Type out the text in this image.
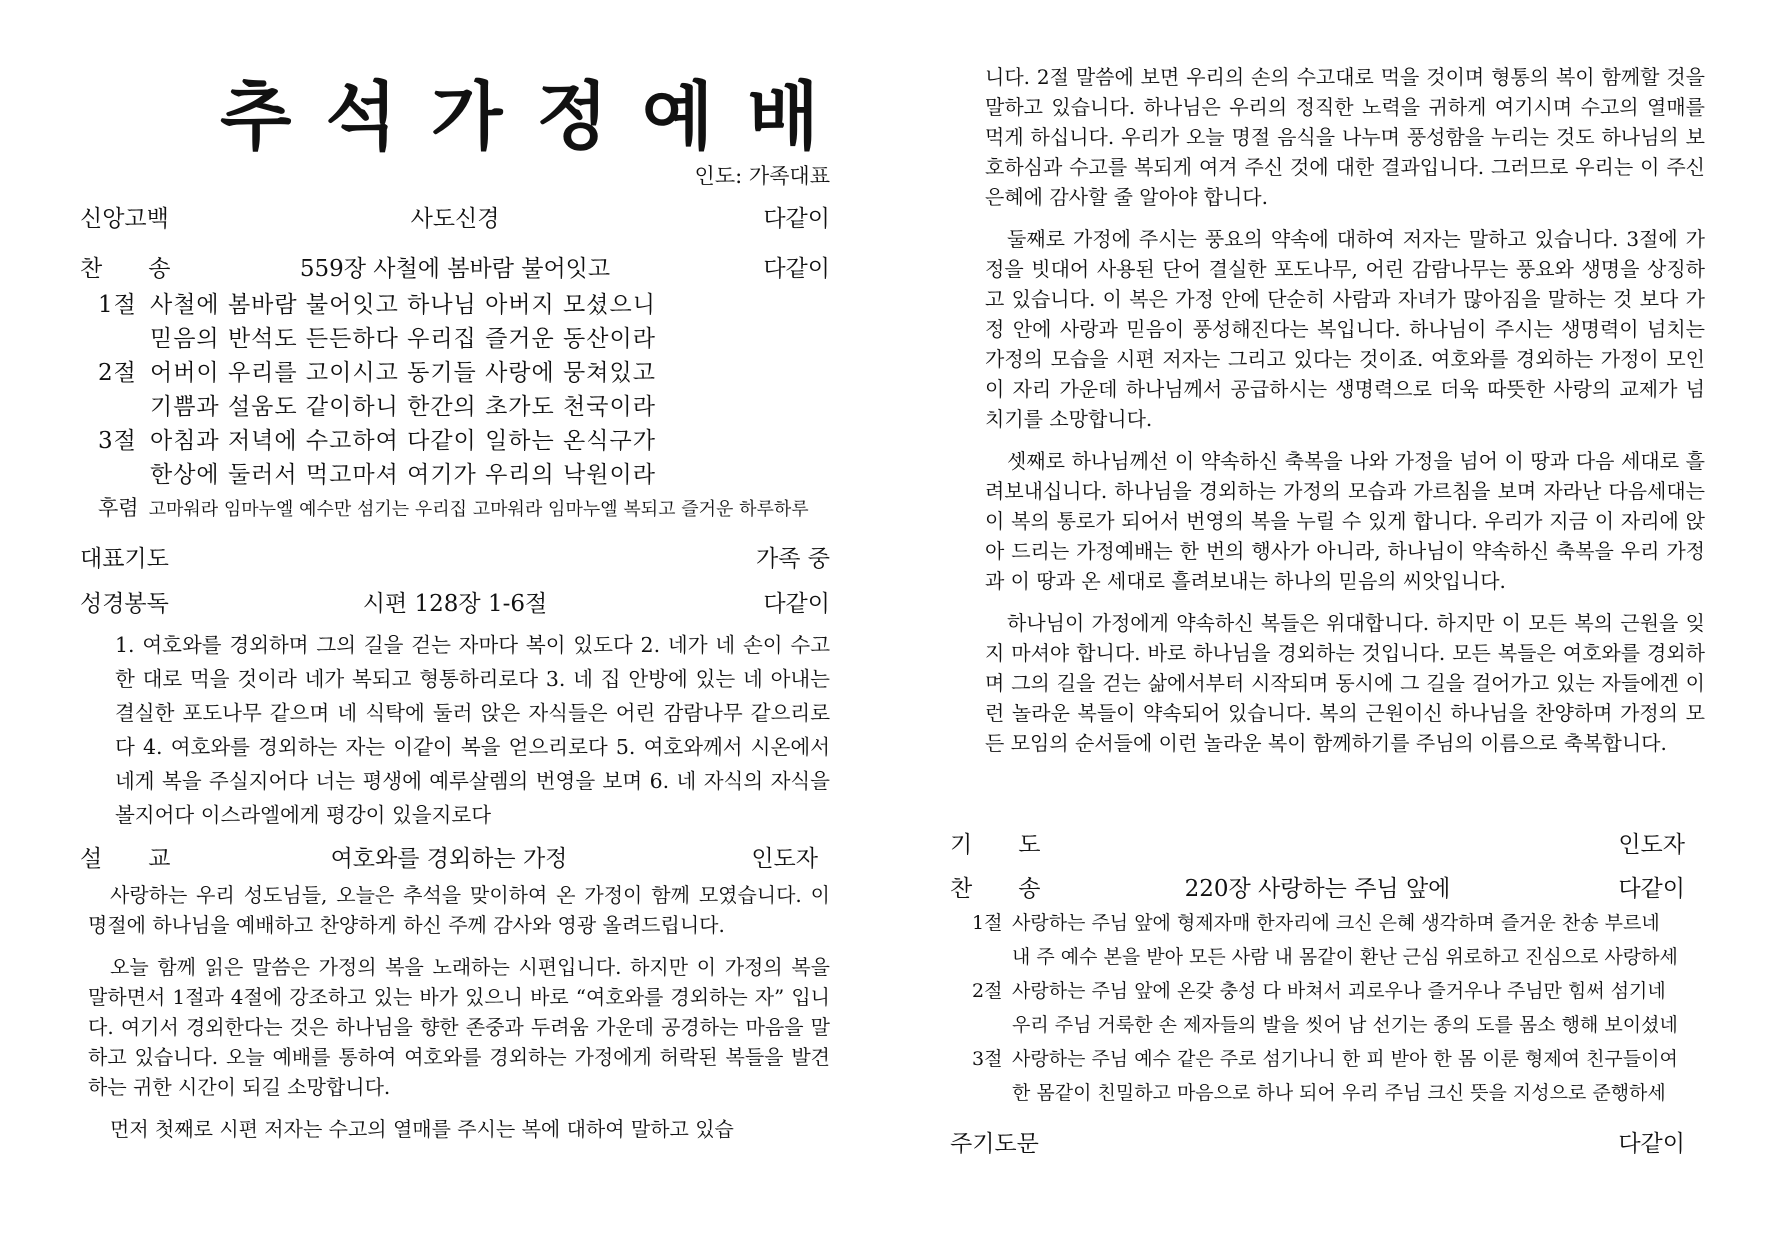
추석가정예배
인도: 가족대표
신앙고백	사도신경	다같이
찬　　송	559장 사철에 봄바람 불어잇고	다같이
1절 사철에 봄바람 불어잇고 하나님 아버지 모셨으니
믿음의 반석도 든든하다 우리집 즐거운 동산이라
2절 어버이 우리를 고이시고 동기들 사랑에 뭉쳐있고
기쁨과 설움도 같이하니 한간의 초가도 천국이라
3절 아침과 저녁에 수고하여 다같이 일하는 온식구가
한상에 둘러서 먹고마셔 여기가 우리의 낙원이라
후렴 고마워라 임마누엘 예수만 섬기는 우리집 고마워라 임마누엘 복되고 즐거운 하루하루
대표기도	가족 중
성경봉독	시편 128장 1-6절	다같이
1. 여호와를 경외하며 그의 길을 걷는 자마다 복이 있도다 2. 네가 네 손이 수고한 대로 먹을 것이라 네가 복되고 형통하리로다 3. 네 집 안방에 있는 네 아내는 결실한 포도나무 같으며 네 식탁에 둘러 앉은 자식들은 어린 감람나무 같으리로다 4. 여호와를 경외하는 자는 이같이 복을 얻으리로다 5. 여호와께서 시온에서 네게 복을 주실지어다 너는 평생에 예루살렘의 번영을 보며 6. 네 자식의 자식을 볼지어다 이스라엘에게 평강이 있을지로다
설　　교	여호와를 경외하는 가정	인도자

사랑하는 우리 성도님들, 오늘은 추석을 맞이하여 온 가정이 함께 모였습니다. 이 명절에 하나님을 예배하고 찬양하게 하신 주께 감사와 영광 올려드립니다.

오늘 함께 읽은 말씀은 가정의 복을 노래하는 시편입니다. 하지만 이 가정의 복을 말하면서 1절과 4절에 강조하고 있는 바가 있으니 바로 “여호와를 경외하는 자” 입니다. 여기서 경외한다는 것은 하나님을 향한 존중과 두려움 가운데 공경하는 마음을 말하고 있습니다. 오늘 예배를 통하여 여호와를 경외하는 가정에게 허락된 복들을 발견하는 귀한 시간이 되길 소망합니다.

먼저 첫째로 시편 저자는 수고의 열매를 주시는 복에 대하여 말하고 있습

니다. 2절 말씀에 보면 우리의 손의 수고대로 먹을 것이며 형통의 복이 함께할 것을 말하고 있습니다. 하나님은 우리의 정직한 노력을 귀하게 여기시며 수고의 열매를 먹게 하십니다. 우리가 오늘 명절 음식을 나누며 풍성함을 누리는 것도 하나님의 보호하심과 수고를 복되게 여겨 주신 것에 대한 결과입니다. 그러므로 우리는 이 주신 은혜에 감사할 줄 알아야 합니다.

둘째로 가정에 주시는 풍요의 약속에 대하여 저자는 말하고 있습니다. 3절에 가정을 빗대어 사용된 단어 결실한 포도나무, 어린 감람나무는 풍요와 생명을 상징하고 있습니다. 이 복은 가정 안에 단순히 사람과 자녀가 많아짐을 말하는 것 보다 가정 안에 사랑과 믿음이 풍성해진다는 복입니다. 하나님이 주시는 생명력이 넘치는 가정의 모습을 시편 저자는 그리고 있다는 것이죠. 여호와를 경외하는 가정이 모인 이 자리 가운데 하나님께서 공급하시는 생명력으로 더욱 따뜻한 사랑의 교제가 넘치기를 소망합니다.

셋째로 하나님께선 이 약속하신 축복을 나와 가정을 넘어 이 땅과 다음 세대로 흘려보내십니다. 하나님을 경외하는 가정의 모습과 가르침을 보며 자라난 다음세대는 이 복의 통로가 되어서 번영의 복을 누릴 수 있게 합니다. 우리가 지금 이 자리에 앉아 드리는 가정예배는 한 번의 행사가 아니라, 하나님이 약속하신 축복을 우리 가정과 이 땅과 온 세대로 흘려보내는 하나의 믿음의 씨앗입니다.

하나님이 가정에게 약속하신 복들은 위대합니다. 하지만 이 모든 복의 근원을 잊지 마셔야 합니다. 바로 하나님을 경외하는 것입니다. 모든 복들은 여호와를 경외하며 그의 길을 걷는 삶에서부터 시작되며 동시에 그 길을 걸어가고 있는 자들에겐 이런 놀라운 복들이 약속되어 있습니다. 복의 근원이신 하나님을 찬양하며 가정의 모든 모임의 순서들에 이런 놀라운 복이 함께하기를 주님의 이름으로 축복합니다.

기　　도	인도자
찬　　송	220장 사랑하는 주님 앞에	다같이
1절 사랑하는 주님 앞에 형제자매 한자리에 크신 은혜 생각하며 즐거운 찬송 부르네
내 주 예수 본을 받아 모든 사람 내 몸같이 환난 근심 위로하고 진심으로 사랑하세
2절 사랑하는 주님 앞에 온갖 충성 다 바쳐서 괴로우나 즐거우나 주님만 힘써 섬기네
우리 주님 거룩한 손 제자들의 발을 씻어 남 선기는 종의 도를 몸소 행해 보이셨네
3절 사랑하는 주님 예수 같은 주로 섬기나니 한 피 받아 한 몸 이룬 형제여 친구들이여
한 몸같이 친밀하고 마음으로 하나 되어 우리 주님 크신 뜻을 지성으로 준행하세
주기도문	다같이
